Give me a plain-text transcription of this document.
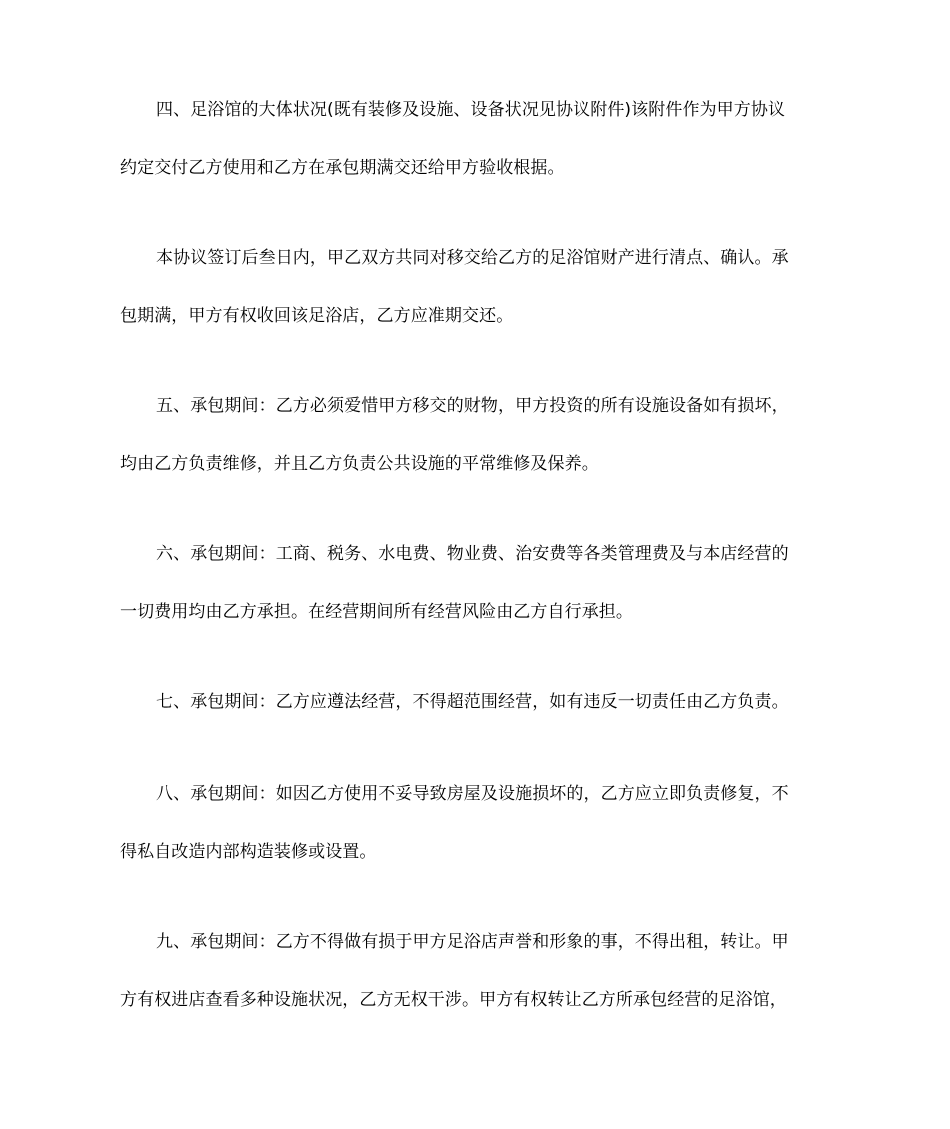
四、足浴馆的大体状况(既有装修及设施、设备状况见协议附件)该附件作为甲方协议
约定交付乙方使用和乙方在承包期满交还给甲方验收根据。
本协议签订后叁日内，甲乙双方共同对移交给乙方的足浴馆财产进行清点、确认。承
包期满，甲方有权收回该足浴店，乙方应准期交还。
五、承包期间：乙方必须爱惜甲方移交的财物，甲方投资的所有设施设备如有损坏，
均由乙方负责维修，并且乙方负责公共设施的平常维修及保养。
六、承包期间：工商、税务、水电费、物业费、治安费等各类管理费及与本店经营的
一切费用均由乙方承担。在经营期间所有经营风险由乙方自行承担。
七、承包期间：乙方应遵法经营，不得超范围经营，如有违反一切责任由乙方负责。
八、承包期间：如因乙方使用不妥导致房屋及设施损坏的，乙方应立即负责修复，不
得私自改造内部构造装修或设置。
九、承包期间：乙方不得做有损于甲方足浴店声誉和形象的事，不得出租，转让。甲
方有权进店查看多种设施状况，乙方无权干涉。甲方有权转让乙方所承包经营的足浴馆，
